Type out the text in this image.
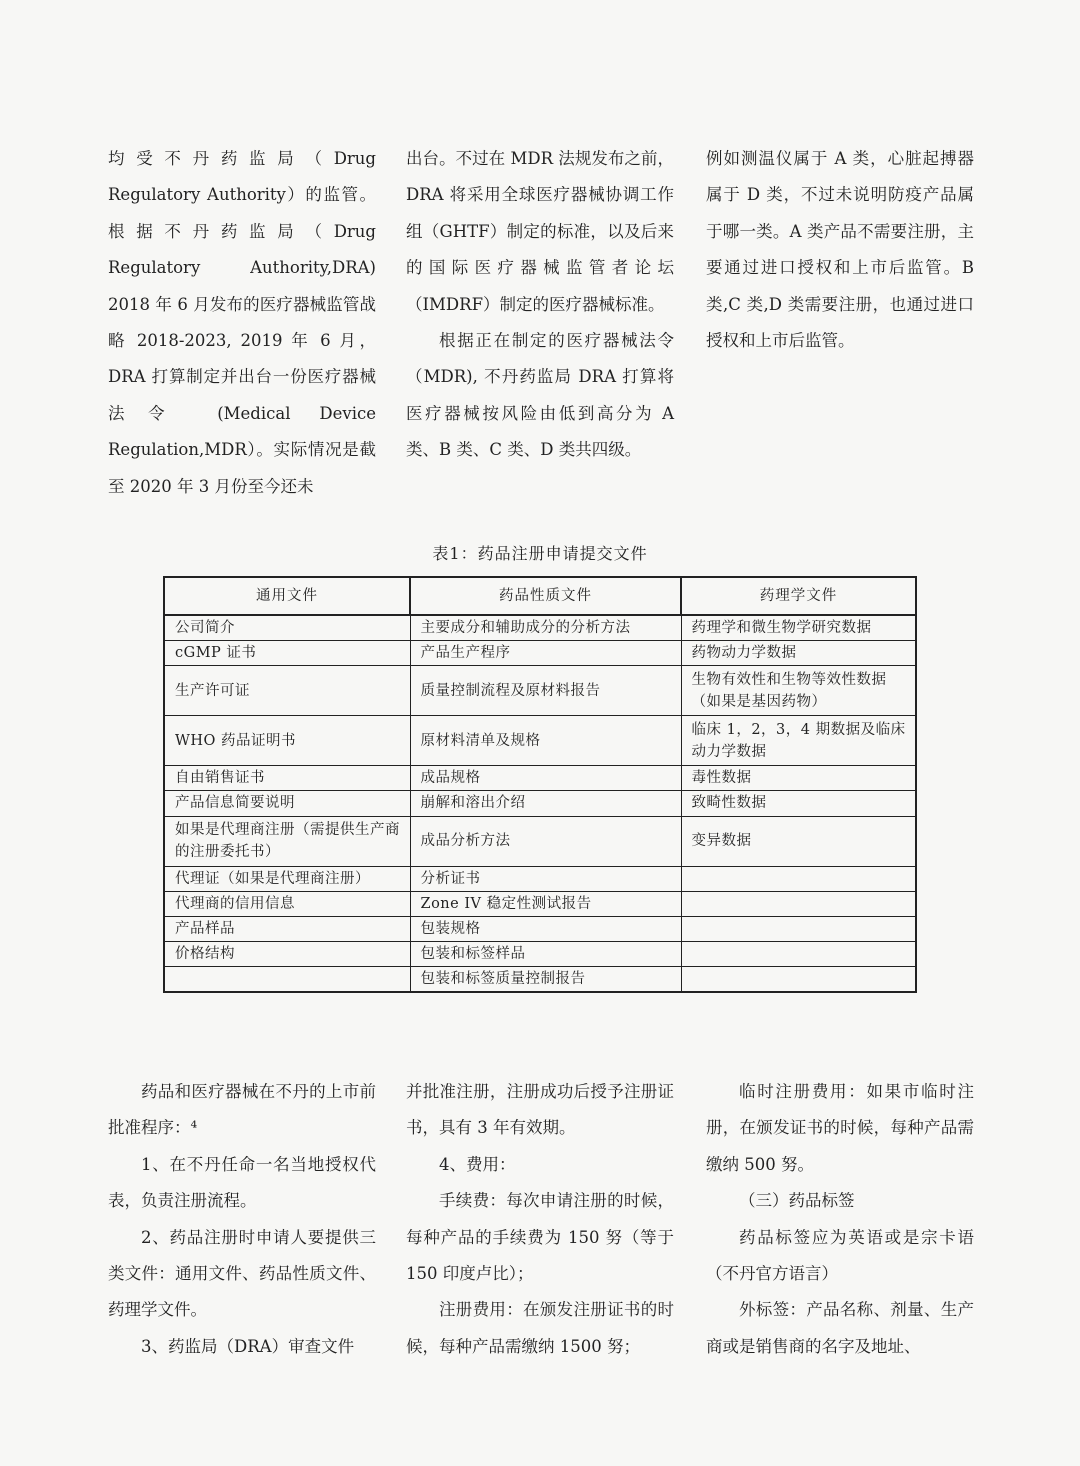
均受不丹药监局（Drug Regulatory Authority）的监管。根据不丹药监局（Drug Regulatory Authority,DRA) 2018 年 6 月发布的医疗器械监管战略 2018-2023, 2019 年 6 月，DRA 打算制定并出台一份医疗器械法令 (Medical Device Regulation,MDR）。实际情况是截至 2020 年 3 月份至今还未

出台。不过在 MDR 法规发布之前，DRA 将采用全球医疗器械协调工作组（GHTF）制定的标准，以及后来的国际医疗器械监管者论坛（IMDRF）制定的医疗器械标准。

根据正在制定的医疗器械法令（MDR), 不丹药监局 DRA 打算将医疗器械按风险由低到高分为 A 类、B 类、C 类、D 类共四级。

例如测温仪属于 A 类，心脏起搏器属于 D 类，不过未说明防疫产品属于哪一类。A 类产品不需要注册，主要通过进口授权和上市后监管。B 类,C 类,D 类需要注册，也通过进口授权和上市后监管。

表1：药品注册申请提交文件
通用文件	药品性质文件	药理学文件
公司简介	主要成分和辅助成分的分析方法	药理学和微生物学研究数据
cGMP 证书	产品生产程序	药物动力学数据
生产许可证	质量控制流程及原材料报告	生物有效性和生物等效性数据（如果是基因药物）
WHO 药品证明书	原材料清单及规格	临床 1，2，3，4 期数据及临床动力学数据
自由销售证书	成品规格	毒性数据
产品信息简要说明	崩解和溶出介绍	致畸性数据
如果是代理商注册（需提供生产商的注册委托书）	成品分析方法	变异数据
代理证（如果是代理商注册）	分析证书	
代理商的信用信息	Zone IV 稳定性测试报告	
产品样品	包装规格	
价格结构	包装和标签样品	
	包装和标签质量控制报告	

药品和医疗器械在不丹的上市前批准程序：⁴

1、在不丹任命一名当地授权代表，负责注册流程。

2、药品注册时申请人要提供三类文件：通用文件、药品性质文件、药理学文件。

3、药监局（DRA）审查文件

并批准注册，注册成功后授予注册证书，具有 3 年有效期。

4、费用：

手续费：每次申请注册的时候，每种产品的手续费为 150 努（等于 150 印度卢比）；

注册费用：在颁发注册证书的时候，每种产品需缴纳 1500 努；

临时注册费用：如果市临时注册，在颁发证书的时候，每种产品需缴纳 500 努。

（三）药品标签

药品标签应为英语或是宗卡语（不丹官方语言）

外标签：产品名称、剂量、生产商或是销售商的名字及地址、
